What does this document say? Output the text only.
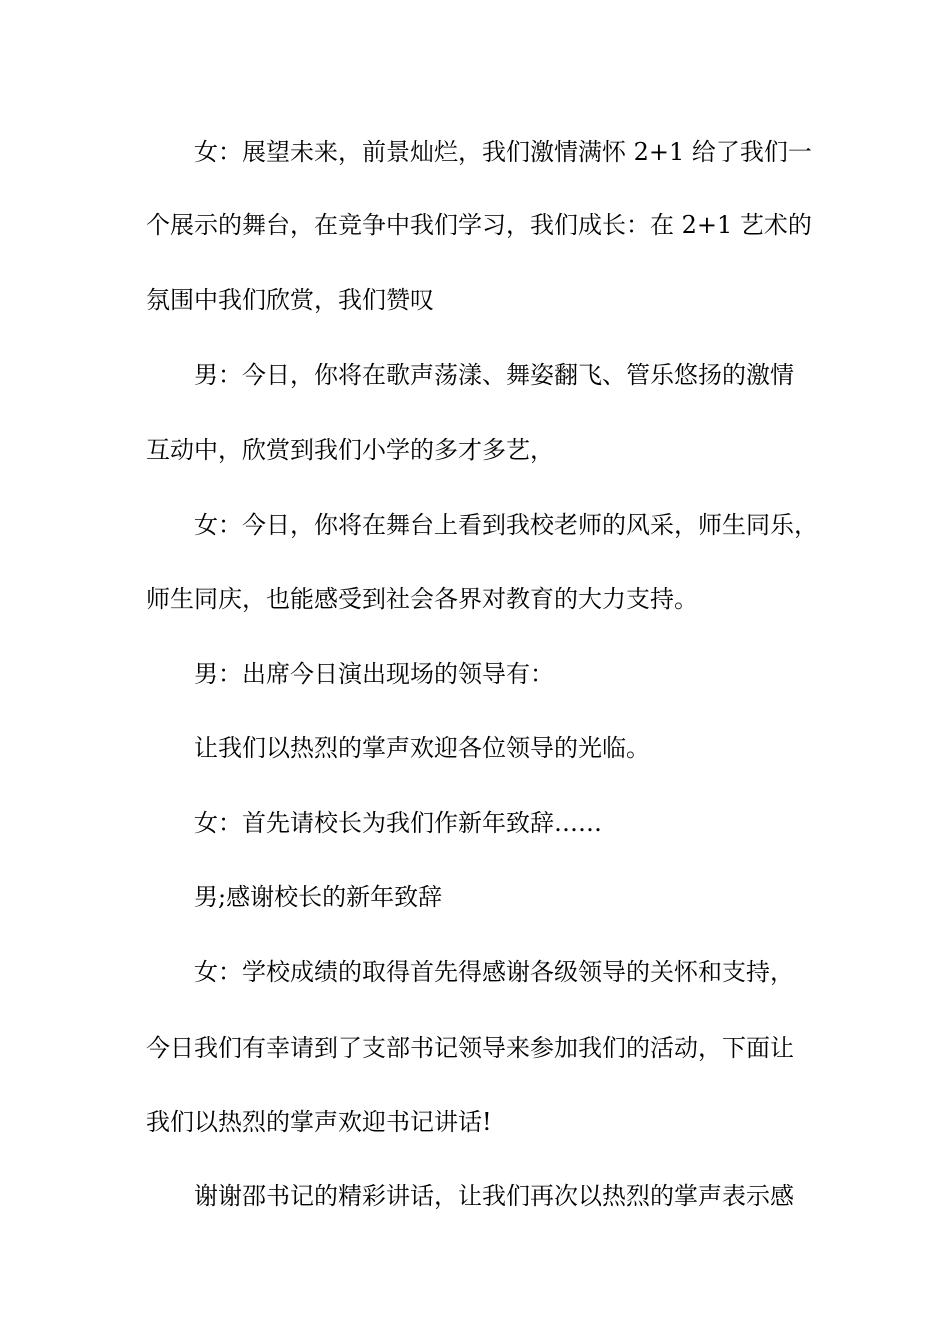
女：展望未来，前景灿烂，我们激情满怀 2+1 给了我们一
个展示的舞台，在竞争中我们学习，我们成长：在 2+1 艺术的
氛围中我们欣赏，我们赞叹
男：今日，你将在歌声荡漾、舞姿翻飞、管乐悠扬的激情
互动中，欣赏到我们小学的多才多艺，
女：今日，你将在舞台上看到我校老师的风采，师生同乐，
师生同庆，也能感受到社会各界对教育的大力支持。
男：出席今日演出现场的领导有：
让我们以热烈的掌声欢迎各位领导的光临。
女：首先请校长为我们作新年致辞……
男;感谢校长的新年致辞
女：学校成绩的取得首先得感谢各级领导的关怀和支持，
今日我们有幸请到了支部书记领导来参加我们的活动，下面让
我们以热烈的掌声欢迎书记讲话!
谢谢邵书记的精彩讲话，让我们再次以热烈的掌声表示感
